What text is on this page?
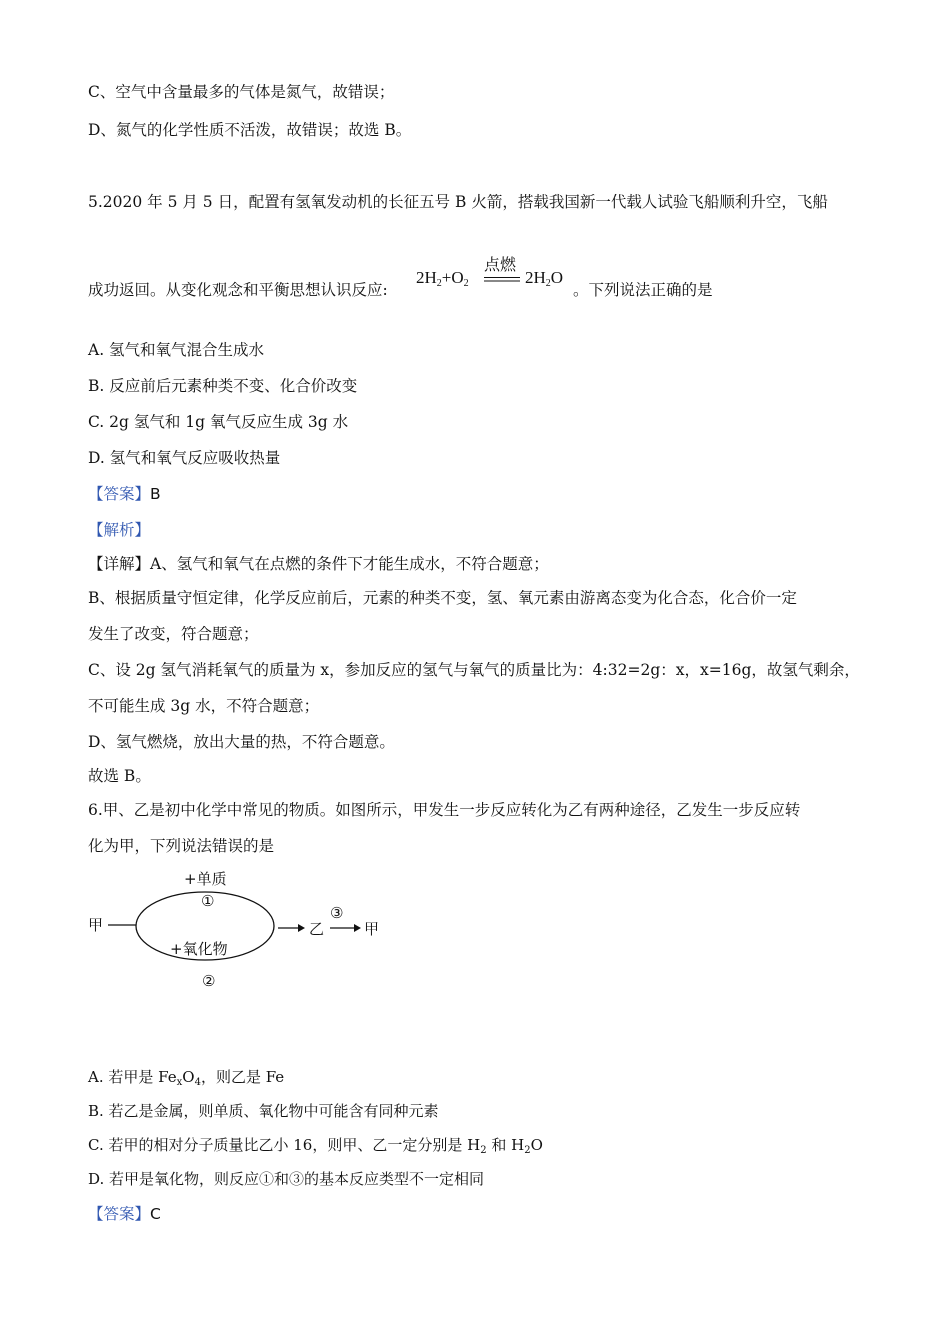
C、空气中含量最多的气体是氮气，故错误；
D、氮气的化学性质不活泼，故错误；故选 B。
5.2020 年 5 月 5 日，配置有氢氧发动机的长征五号 B 火箭，搭载我国新一代载人试验飞船顺利升空，飞船
成功返回。从变化观念和平衡思想认识反应:
$2H_2+O_2$
点燃
$2H_2O$
。下列说法正确的是
A. 氢气和氧气混合生成水
B. 反应前后元素种类不变、化合价改变
C. 2g 氢气和 1g 氧气反应生成 3g 水
D. 氢气和氧气反应吸收热量
【答案】B
【解析】
【详解】A、氢气和氧气在点燃的条件下才能生成水，不符合题意；
B、根据质量守恒定律，化学反应前后，元素的种类不变，氢、氧元素由游离态变为化合态，化合价一定
发生了改变，符合题意；
C、设 2g 氢气消耗氧气的质量为 x，参加反应的氢气与氧气的质量比为：4:32=2g：x，x=16g，故氢气剩余，
不可能生成 3g 水，不符合题意；
D、氢气燃烧，放出大量的热，不符合题意。
故选 B。
6.甲、乙是初中化学中常见的物质。如图所示，甲发生一步反应转化为乙有两种途径，乙发生一步反应转
化为甲，下列说法错误的是
甲
+单质
①
+氧化物
②
乙
③
甲
A. 若甲是 $Fe_xO_4$，则乙是 Fe
B. 若乙是金属，则单质、氧化物中可能含有同种元素
C. 若甲的相对分子质量比乙小 16，则甲、乙一定分别是 $H_2$ 和 $H_2O$
D. 若甲是氧化物，则反应①和③的基本反应类型不一定相同
【答案】C
